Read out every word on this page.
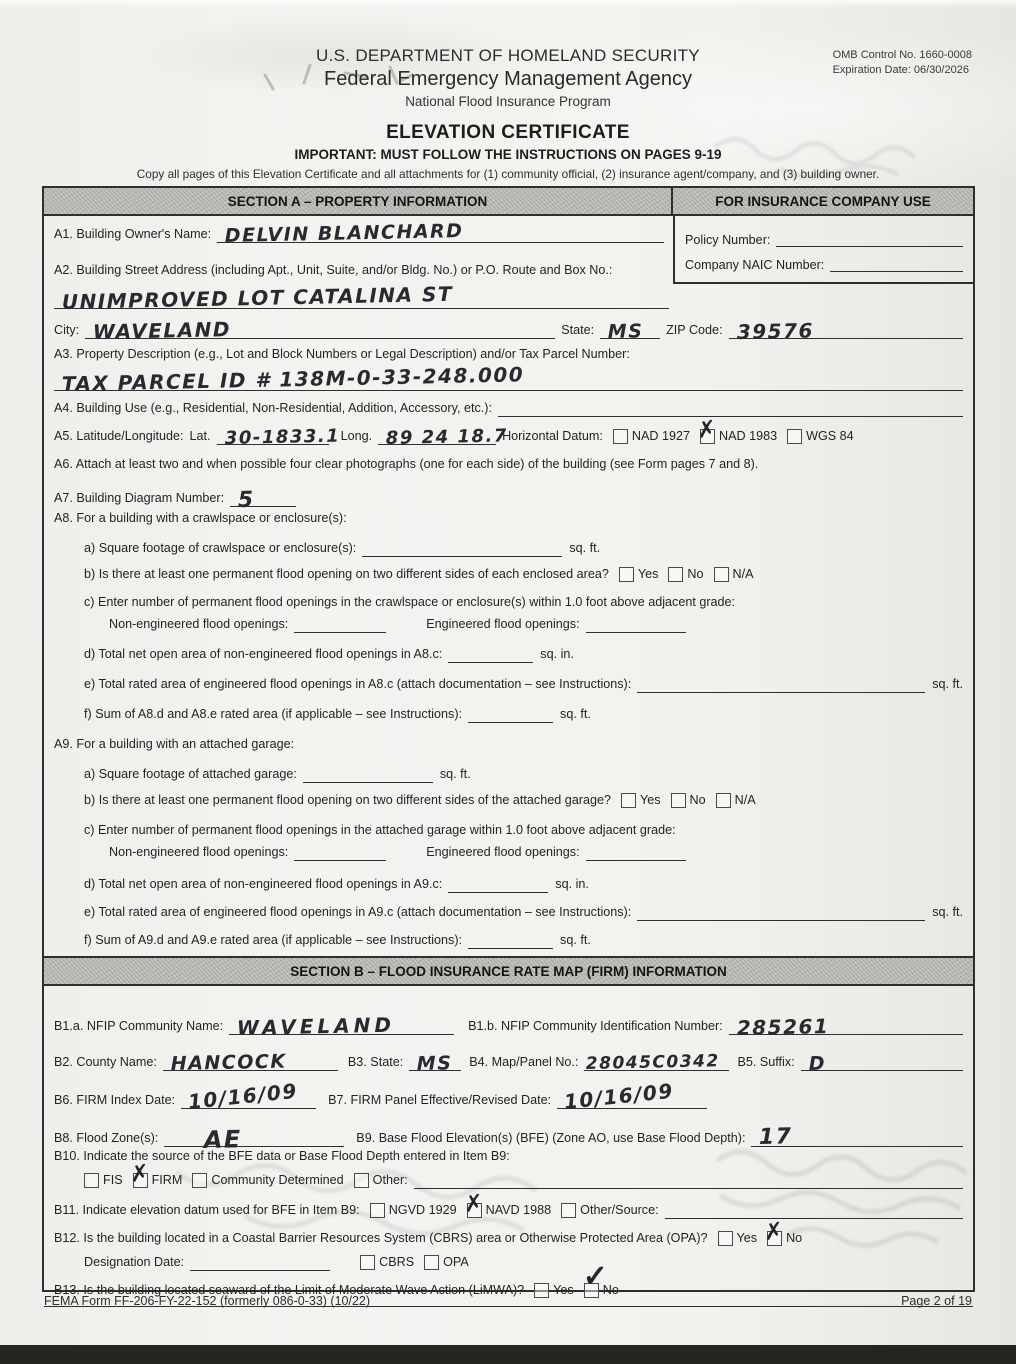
U.S. DEPARTMENT OF HOMELAND SECURITY
Federal Emergency Management Agency
National Flood Insurance Program
OMB Control No. 1660-0008
Expiration Date: 06/30/2026
ELEVATION CERTIFICATE
IMPORTANT: MUST FOLLOW THE INSTRUCTIONS ON PAGES 9-19
Copy all pages of this Elevation Certificate and all attachments for (1) community official, (2) insurance agent/company, and (3) building owner.
SECTION A – PROPERTY INFORMATION	FOR INSURANCE COMPANY USE
Policy Number:
Company NAIC Number:
A1. Building Owner's Name: DELVIN BLANCHARD
A2. Building Street Address (including Apt., Unit, Suite, and/or Bldg. No.) or P.O. Route and Box No.:
UNIMPROVED LOT CATALINA ST
City: WAVELAND	State: MS ZIP Code: 39576
A3. Property Description (e.g., Lot and Block Numbers or Legal Description) and/or Tax Parcel Number:
TAX PARCEL ID # 138M-0-33-248.000
A4. Building Use (e.g., Residential, Non-Residential, Addition, Accessory, etc.):
A5. Latitude/Longitude: Lat. 30-1833.1 Long. 89 24 18.7
Horizontal Datum: NAD 1927 ✗ NAD 1983 WGS 84
A6. Attach at least two and when possible four clear photographs (one for each side) of the building (see Form pages 7 and 8).
A7. Building Diagram Number: 5
A8. For a building with a crawlspace or enclosure(s):
a) Square footage of crawlspace or enclosure(s):	sq. ft.
b) Is there at least one permanent flood opening on two different sides of each enclosed area? Yes No N/A
c) Enter number of permanent flood openings in the crawlspace or enclosure(s) within 1.0 foot above adjacent grade:
Non-engineered flood openings:	Engineered flood openings:
d) Total net open area of non-engineered flood openings in A8.c:	sq. in.
e) Total rated area of engineered flood openings in A8.c (attach documentation – see Instructions):	sq. ft.
f) Sum of A8.d and A8.e rated area (if applicable – see Instructions):	sq. ft.
A9. For a building with an attached garage:
a) Square footage of attached garage:	sq. ft.
b) Is there at least one permanent flood opening on two different sides of the attached garage? Yes No N/A
c) Enter number of permanent flood openings in the attached garage within 1.0 foot above adjacent grade:
Non-engineered flood openings:	Engineered flood openings:
d) Total net open area of non-engineered flood openings in A9.c:	sq. in.
e) Total rated area of engineered flood openings in A9.c (attach documentation – see Instructions):	sq. ft.
f) Sum of A9.d and A9.e rated area (if applicable – see Instructions):	sq. ft.
SECTION B – FLOOD INSURANCE RATE MAP (FIRM) INFORMATION
B1.a. NFIP Community Name: WAVELAND	B1.b. NFIP Community Identification Number: 285261
B2. County Name: HANCOCK	B3. State: MS B4. Map/Panel No.: 28045C0342 B5. Suffix: D
B6. FIRM Index Date: 10/16/09 B7. FIRM Panel Effective/Revised Date: 10/16/09
B8. Flood Zone(s): AE	B9. Base Flood Elevation(s) (BFE) (Zone AO, use Base Flood Depth): 17
B10. Indicate the source of the BFE data or Base Flood Depth entered in Item B9:
FIS ✗ FIRM Community Determined Other:
B11. Indicate elevation datum used for BFE in Item B9: NGVD 1929 ✗ NAVD 1988 Other/Source:
B12. Is the building located in a Coastal Barrier Resources System (CBRS) area or Otherwise Protected Area (OPA)? Yes ✗ No
Designation Date:	CBRS OPA
B13. Is the building located seaward of the Limit of Moderate Wave Action (LiMWA)? Yes ✓ No
FEMA Form FF-206-FY-22-152 (formerly 086-0-33) (10/22)	Page 2 of 19
